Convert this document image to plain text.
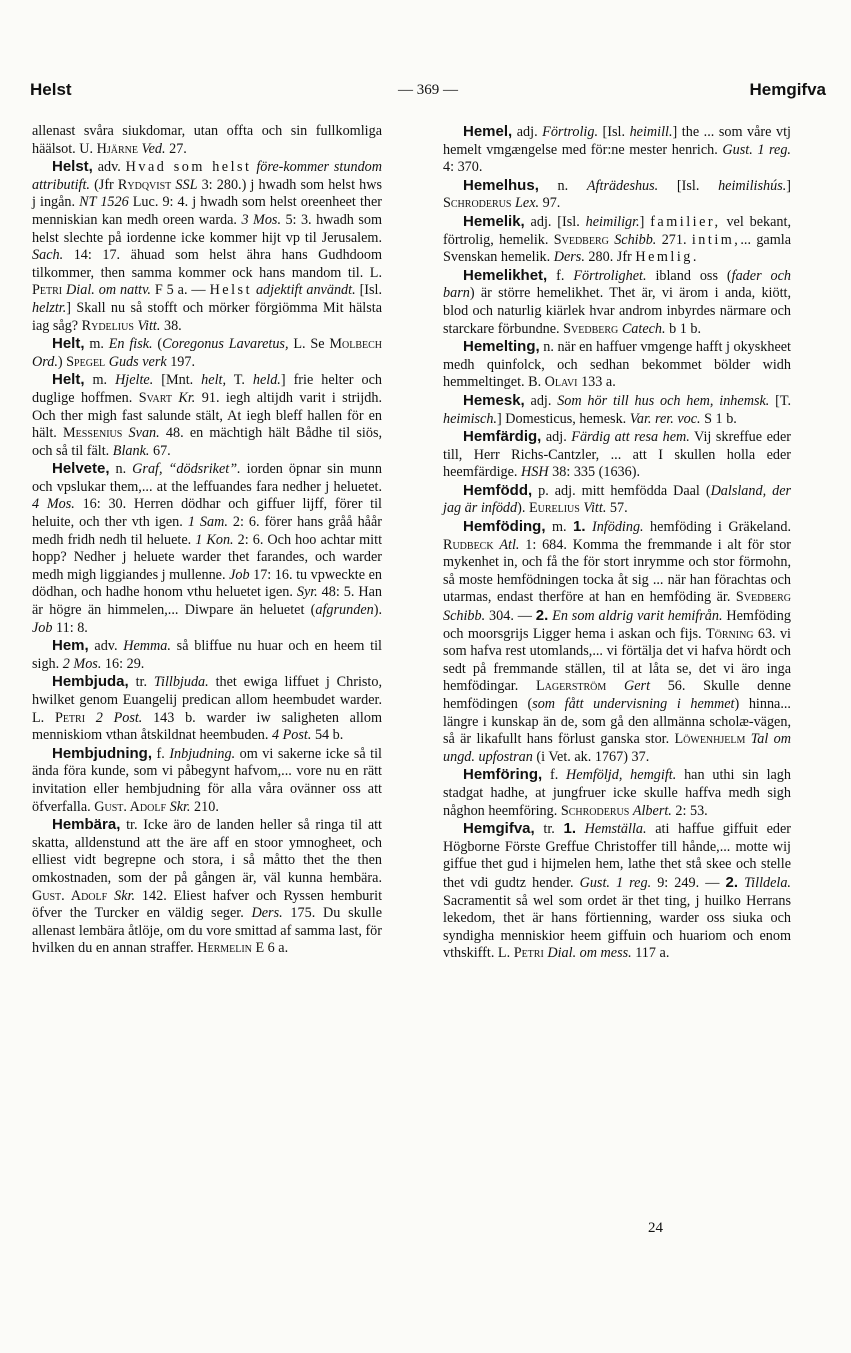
Helst	— 369 —	Hemgifva

allenast svåra siukdomar, utan offta och sin fullkomliga häälsot. U. Hjärne Ved. 27.

Helst, adv. Hvad som helst före-kommer stundom attributift. (Jfr Rydqvist SSL 3: 280.) j hwadh som helst hws j ingån. NT 1526 Luc. 9: 4. j hwadh som helst oreenheet ther menniskian kan medh oreen warda. 3 Mos. 5: 3. hwadh som helst slechte på iordenne icke kommer hijt vp til Jerusalem. Sach. 14: 17. ähuad som helst ähra hans Gudhdoom tilkommer, then samma kommer ock hans mandom til. L. Petri Dial. om nattv. F 5 a. — Helst adjektift användt. [Isl. helztr.] Skall nu så stofft och mörker förgiömma Mit hälsta iag såg? Rydelius Vitt. 38.

Helt, m. En fisk. (Coregonus Lavaretus, L. Se Molbech Ord.) Spegel Guds verk 197.

Helt, m. Hjelte. [Mnt. helt, T. held.] frie helter och duglige hoffmen. Svart Kr. 91. iegh altijdh varit i strijdh. Och ther migh fast salunde stält, At iegh bleff hallen för en hält. Messenius Svan. 48. en mächtigh hält Bådhe til siös, och så til fält. Blank. 67.

Helvete, n. Graf, “dödsriket”. iorden öpnar sin munn och vpslukar them,... at the leffuandes fara nedher j heluetet. 4 Mos. 16: 30. Herren dödhar och giffuer lijff, förer til heluite, och ther vth igen. 1 Sam. 2: 6. förer hans gråå håår medh fridh nedh til heluete. 1 Kon. 2: 6. Och hoo achtar mitt hopp? Nedher j heluete warder thet farandes, och warder medh migh liggiandes j mullenne. Job 17: 16. tu vpweckte en dödhan, och hadhe honom vthu heluetet igen. Syr. 48: 5. Han är högre än himmelen,... Diwpare än heluetet (afgrunden). Job 11: 8.

Hem, adv. Hemma. så bliffue nu huar och en heem til sigh. 2 Mos. 16: 29.

Hembjuda, tr. Tillbjuda. thet ewiga liffuet j Christo, hwilket genom Euangelij predican allom heembudet warder. L. Petri 2 Post. 143 b. warder iw saligheten allom menniskiom vthan åtskildnat heembuden. 4 Post. 54 b.

Hembjudning, f. Inbjudning. om vi sakerne icke så til ända föra kunde, som vi påbegynt hafvom,... vore nu en rätt invitation eller hembjudning för alla våra ovänner oss att öfverfalla. Gust. Adolf Skr. 210.

Hembära, tr. Icke äro de landen heller så ringa til att skatta, alldenstund att the äre aff en stoor ymnogheet, och elliest vidt begrepne och stora, i så måtto thet the then omkostnaden, som der på gången är, väl kunna hembära. Gust. Adolf Skr. 142. Eliest hafver och Ryssen hemburit öfver the Turcker en väldig seger. Ders. 175. Du skulle allenast lembära åtlöje, om du vore smittad af samma last, för hvilken du en annan straffer. Hermelin E 6 a.

Hemel, adj. Förtrolig. [Isl. heimill.] the ... som våre vtj hemelt vmgængelse med för:ne mester henrich. Gust. 1 reg. 4: 370.

Hemelhus, n. Afträdeshus. [Isl. heimilishús.] Schroderus Lex. 97.

Hemelik, adj. [Isl. heimiligr.] familier, vel bekant, förtrolig, hemelik. Svedberg Schibb. 271. intim,... gamla Svenskan hemelik. Ders. 280. Jfr Hemlig.

Hemelikhet, f. Förtrolighet. ibland oss (fader och barn) är större hemelikhet. Thet är, vi ärom i anda, kiött, blod och naturlig kiärlek hvar androm inbyrdes närmare och starckare förbundne. Svedberg Catech. b 1 b.

Hemelting, n. när en haffuer vmgenge hafft j okyskheet medh quinfolck, och sedhan bekommet bölder widh hemmeltinget. B. Olavi 133 a.

Hemesk, adj. Som hör till hus och hem, inhemsk. [T. heimisch.] Domesticus, hemesk. Var. rer. voc. S 1 b.

Hemfärdig, adj. Färdig att resa hem. Vij skreffue eder till, Herr Richs-Cantzler, ... att I skullen holla eder heemfärdige. HSH 38: 335 (1636).

Hemfödd, p. adj. mitt hemfödda Daal (Dalsland, der jag är infödd). Eurelius Vitt. 57.

Hemföding, m. 1. Inföding. hemföding i Gräkeland. Rudbeck Atl. 1: 684. Komma the fremmande i alt för stor mykenhet in, och få the för stort inrymme och stor förmohn, så moste hemfödningen tocka åt sig ... när han förachtas och utarmas, endast therföre at han en hemföding är. Svedberg Schibb. 304. — 2. En som aldrig varit hemifrån. Hemföding och moorsgrijs Ligger hema i askan och fijs. Törning 63. vi som hafva rest utomlands,... vi förtälja det vi hafva hördt och sedt på fremmande ställen, til at låta se, det vi äro inga hemfödingar. Lagerström Gert 56. Skulle denne hemfödingen (som fått undervisning i hemmet) hinna... längre i kunskap än de, som gå den allmänna scholæ-vägen, så är likafullt hans förlust ganska stor. Löwenhjelm Tal om ungd. upfostran (i Vet. ak. 1767) 37.

Hemföring, f. Hemföljd, hemgift. han uthi sin lagh stadgat hadhe, at jungfruer icke skulle haffva medh sigh någhon heemföring. Schroderus Albert. 2: 53.

Hemgifva, tr. 1. Hemställa. ati haffue giffuit eder Högborne Förste Greffue Christoffer till hånde,... motte wij giffue thet gud i hijmelen hem, lathe thet stå skee och stelle thet vdi gudtz hender. Gust. 1 reg. 9: 249. — 2. Tilldela. Sacramentit så wel som ordet är thet ting, j huilko Herrans lekedom, thet är hans förtienning, warder oss siuka och syndigha menniskior heem giffuin och huariom och enom vthskifft. L. Petri Dial. om mess. 117 a.

24
